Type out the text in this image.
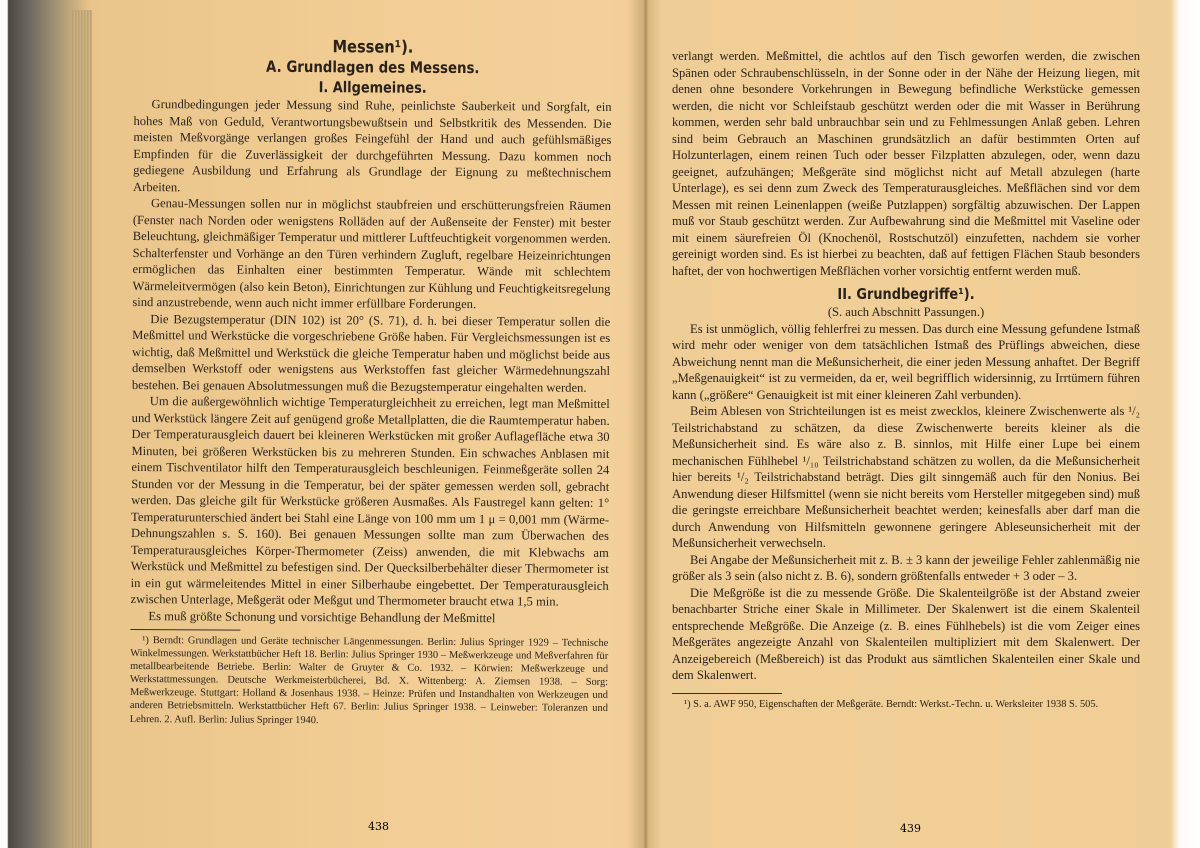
Messen¹).
A. Grundlagen des Messens.
I. Allgemeines.

Grundbedingungen jeder Messung sind Ruhe, peinlichste Sauberkeit und Sorgfalt, ein hohes Maß von Geduld, Verantwortungsbewußtsein und Selbstkritik des Messenden. Die meisten Meßvorgänge verlangen großes Feingefühl der Hand und auch gefühlsmäßiges Empfinden für die Zuverlässigkeit der durchgeführten Messung. Dazu kommen noch gediegene Ausbildung und Erfahrung als Grundlage der Eignung zu meßtechnischem Arbeiten.

Genau-Messungen sollen nur in möglichst staubfreien und erschütterungsfreien Räumen (Fenster nach Norden oder wenigstens Rolläden auf der Außenseite der Fenster) mit bester Beleuchtung, gleichmäßiger Temperatur und mittlerer Luftfeuchtigkeit vorgenommen werden. Schalterfenster und Vorhänge an den Türen verhindern Zugluft, regelbare Heizeinrichtungen ermöglichen das Einhalten einer bestimmten Temperatur. Wände mit schlechtem Wärmeleitvermögen (also kein Beton), Einrichtungen zur Kühlung und Feuchtigkeitsregelung sind anzustrebende, wenn auch nicht immer erfüllbare Forderungen.

Die Bezugstemperatur (DIN 102) ist 20° (S. 71), d. h. bei dieser Temperatur sollen die Meßmittel und Werkstücke die vorgeschriebene Größe haben. Für Vergleichsmessungen ist es wichtig, daß Meßmittel und Werkstück die gleiche Temperatur haben und möglichst beide aus demselben Werkstoff oder wenigstens aus Werkstoffen fast gleicher Wärmedehnungszahl bestehen. Bei genauen Absolutmessungen muß die Bezugstemperatur eingehalten werden.

Um die außergewöhnlich wichtige Temperaturgleichheit zu erreichen, legt man Meßmittel und Werkstück längere Zeit auf genügend große Metallplatten, die die Raumtemperatur haben. Der Temperaturausgleich dauert bei kleineren Werkstücken mit großer Auflagefläche etwa 30 Minuten, bei größeren Werkstücken bis zu mehreren Stunden. Ein schwaches Anblasen mit einem Tischventilator hilft den Temperaturausgleich beschleunigen. Feinmeßgeräte sollen 24 Stunden vor der Messung in die Temperatur, bei der später gemessen werden soll, gebracht werden. Das gleiche gilt für Werkstücke größeren Ausmaßes. Als Faustregel kann gelten: 1° Temperaturunterschied ändert bei Stahl eine Länge von 100 mm um 1 μ = 0,001 mm (Wärme-Dehnungszahlen s. S. 160). Bei genauen Messungen sollte man zum Überwachen des Temperaturausgleiches Körper-Thermometer (Zeiss) anwenden, die mit Klebwachs am Werkstück und Meßmittel zu befestigen sind. Der Quecksilberbehälter dieser Thermometer ist in ein gut wärmeleitendes Mittel in einer Silberhaube eingebettet. Der Temperaturausgleich zwischen Unterlage, Meßgerät oder Meßgut und Thermometer braucht etwa 1,5 min.

Es muß größte Schonung und vorsichtige Behandlung der Meßmittel

¹) Berndt: Grundlagen und Geräte technischer Längenmessungen. Berlin: Julius Springer 1929 – Technische Winkelmessungen. Werkstattbücher Heft 18. Berlin: Julius Springer 1930 – Meßwerkzeuge und Meßverfahren für metallbearbeitende Betriebe. Berlin: Walter de Gruyter & Co. 1932. – Körwien: Meßwerkzeuge und Werkstattmessungen. Deutsche Werkmeisterbücherei, Bd. X. Wittenberg: A. Ziemsen 1938. – Sorg: Meßwerkzeuge. Stuttgart: Holland & Josenhaus 1938. – Heinze: Prüfen und Instandhalten von Werkzeugen und anderen Betriebsmitteln. Werkstattbücher Heft 67. Berlin: Julius Springer 1938. – Leinweber: Toleranzen und Lehren. 2. Aufl. Berlin: Julius Springer 1940.

438

verlangt werden. Meßmittel, die achtlos auf den Tisch geworfen werden, die zwischen Spänen oder Schraubenschlüsseln, in der Sonne oder in der Nähe der Heizung liegen, mit denen ohne besondere Vorkehrungen in Bewegung befindliche Werkstücke gemessen werden, die nicht vor Schleifstaub geschützt werden oder die mit Wasser in Berührung kommen, werden sehr bald unbrauchbar sein und zu Fehlmessungen Anlaß geben. Lehren sind beim Gebrauch an Maschinen grundsätzlich an dafür bestimmten Orten auf Holzunterlagen, einem reinen Tuch oder besser Filzplatten abzulegen, oder, wenn dazu geeignet, aufzuhängen; Meßgeräte sind möglichst nicht auf Metall abzulegen (harte Unterlage), es sei denn zum Zweck des Temperaturausgleiches. Meßflächen sind vor dem Messen mit reinen Leinenlappen (weiße Putzlappen) sorgfältig abzuwischen. Der Lappen muß vor Staub geschützt werden. Zur Aufbewahrung sind die Meßmittel mit Vaseline oder mit einem säurefreien Öl (Knochenöl, Rostschutzöl) einzufetten, nachdem sie vorher gereinigt worden sind. Es ist hierbei zu beachten, daß auf fettigen Flächen Staub besonders haftet, der von hochwertigen Meßflächen vorher vorsichtig entfernt werden muß.

II. Grundbegriffe¹).
(S. auch Abschnitt Passungen.)

Es ist unmöglich, völlig fehlerfrei zu messen. Das durch eine Messung gefundene Istmaß wird mehr oder weniger von dem tatsächlichen Istmaß des Prüflings abweichen, diese Abweichung nennt man die Meßunsicherheit, die einer jeden Messung anhaftet. Der Begriff „Meßgenauigkeit“ ist zu vermeiden, da er, weil begrifflich widersinnig, zu Irrtümern führen kann („größere“ Genauigkeit ist mit einer kleineren Zahl verbunden).

Beim Ablesen von Strichteilungen ist es meist zwecklos, kleinere Zwischenwerte als ¹/₂ Teilstrichabstand zu schätzen, da diese Zwischenwerte bereits kleiner als die Meßunsicherheit sind. Es wäre also z. B. sinnlos, mit Hilfe einer Lupe bei einem mechanischen Fühlhebel ¹/₁₀ Teilstrichabstand schätzen zu wollen, da die Meßunsicherheit hier bereits ¹/₂ Teilstrichabstand beträgt. Dies gilt sinngemäß auch für den Nonius. Bei Anwendung dieser Hilfsmittel (wenn sie nicht bereits vom Hersteller mitgegeben sind) muß die geringste erreichbare Meßunsicherheit beachtet werden; keinesfalls aber darf man die durch Anwendung von Hilfsmitteln gewonnene geringere Ableseunsicherheit mit der Meßunsicherheit verwechseln.

Bei Angabe der Meßunsicherheit mit z. B. ± 3 kann der jeweilige Fehler zahlenmäßig nie größer als 3 sein (also nicht z. B. 6), sondern größtenfalls entweder + 3 oder – 3.

Die Meßgröße ist die zu messende Größe. Die Skalenteilgröße ist der Abstand zweier benachbarter Striche einer Skale in Millimeter. Der Skalenwert ist die einem Skalenteil entsprechende Meßgröße. Die Anzeige (z. B. eines Fühlhebels) ist die vom Zeiger eines Meßgerätes angezeigte Anzahl von Skalenteilen multipliziert mit dem Skalenwert. Der Anzeigebereich (Meßbereich) ist das Produkt aus sämtlichen Skalenteilen einer Skale und dem Skalenwert.

¹) S. a. AWF 950, Eigenschaften der Meßgeräte. Berndt: Werkst.-Techn. u. Werksleiter 1938 S. 505.

439
